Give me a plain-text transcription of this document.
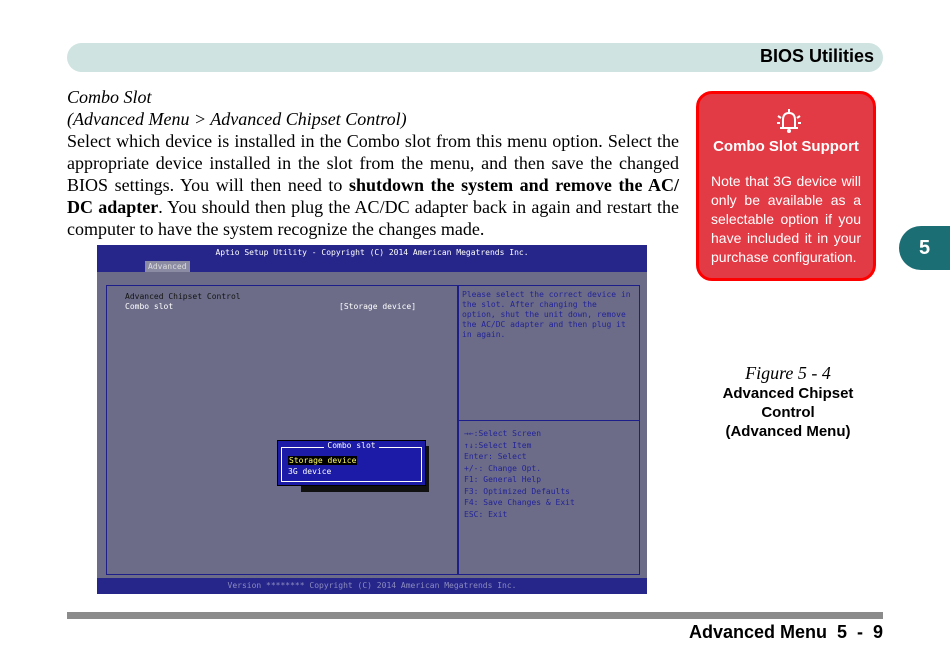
BIOS Utilities
5
Combo Slot
(Advanced Menu > Advanced Chipset Control)
Select which device is installed in the Combo slot from this menu option. Select the appropriate device installed in the slot from the menu, and then save the changed BIOS settings. You will then need to shutdown the system and remove the AC/ DC adapter. You should then plug the AC/DC adapter back in again and restart the computer to have the system recognize the changes made.
Combo Slot Support
Note that 3G device will only be available as a selectable option if you have included it in your purchase configuration.
Figure 5 - 4
Advanced Chipset
Control
(Advanced Menu)
Aptio Setup Utility - Copyright (C) 2014 American Megatrends Inc.
Advanced
Advanced Chipset Control
Combo slot	[Storage device]
Combo slot
Storage device
3G device
Please select the correct device in the slot. After changing the option, shut the unit down, remove the AC/DC adapter and then plug it in again.
→←:Select Screen
↑↓:Select Item
Enter: Select
+/-: Change Opt.
F1: General Help
F3: Optimized Defaults
F4: Save Changes & Exit
ESC: Exit
Version ******** Copyright (C) 2014 American Megatrends Inc.
Advanced Menu  5  -  9
